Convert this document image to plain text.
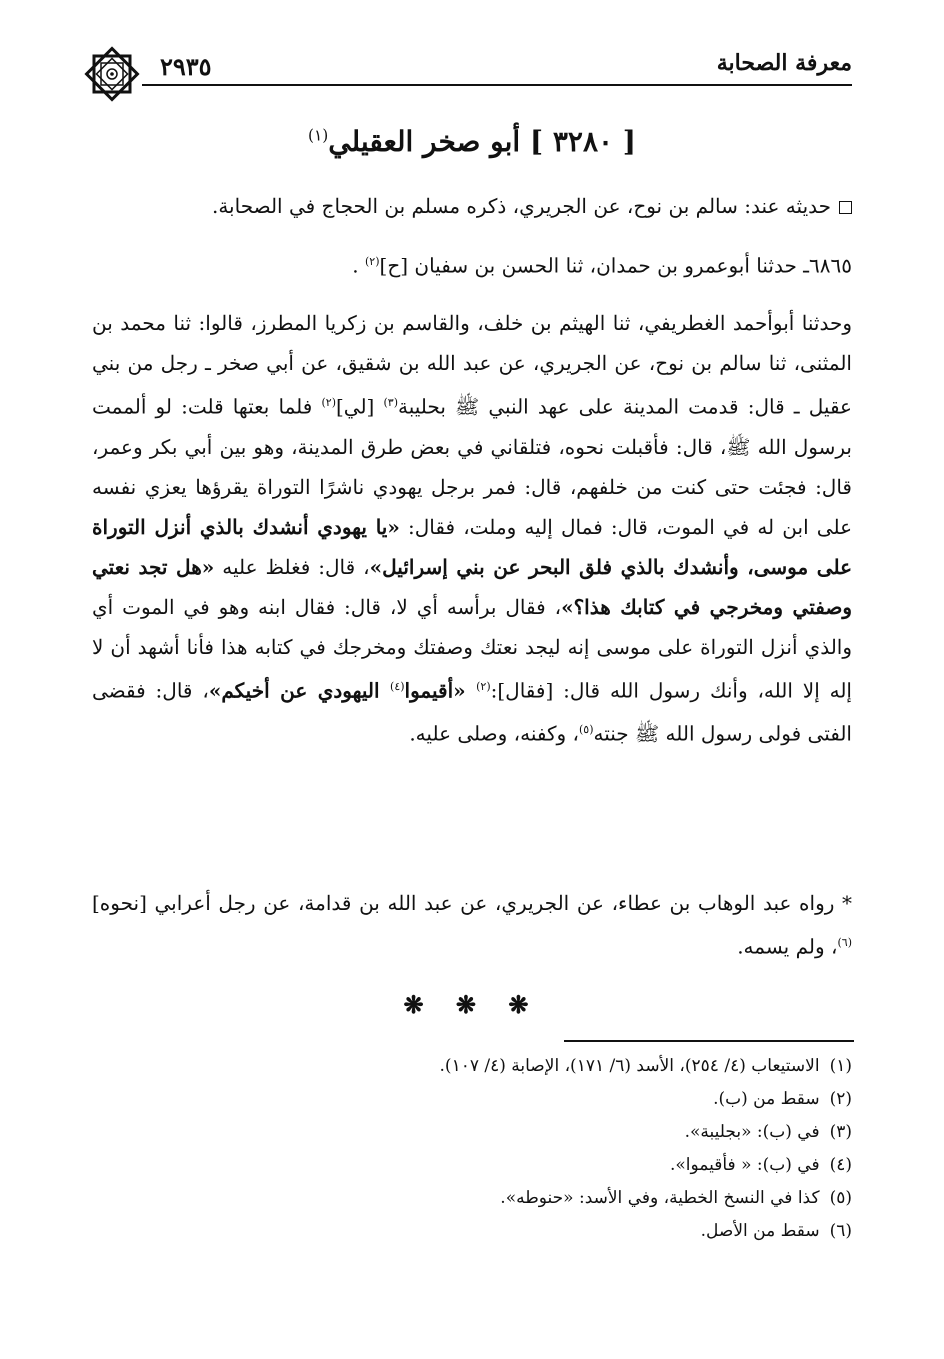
معرفة الصحابة
٢٩٣٥
[ ٣٢٨٠ ] أبو صخر العقيلي$^{(١)}$
حديثه عند: سالم بن نوح، عن الجريري، ذكره مسلم بن الحجاج في الصحابة.
٦٨٦٥ـ حدثنا أبوعمرو بن حمدان، ثنا الحسن بن سفيان [ح]$^{(٢)}$ .
وحدثنا أبوأحمد الغطريفي، ثنا الهيثم بن خلف، والقاسم بن زكريا المطرز، قالوا: ثنا محمد بن المثنى، ثنا سالم بن نوح، عن الجريري، عن عبد الله بن شقيق، عن أبي صخر ـ رجل من بني عقيل ـ قال: قدمت المدينة على عهد النبي ﷺ بحليبة$^{(٣)}$ [لي]$^{(٢)}$ فلما بعتها قلت: لو ألممت برسول الله ﷺ، قال: فأقبلت نحوه، فتلقاني في بعض طرق المدينة، وهو بين أبي بكر وعمر، قال: فجئت حتى كنت من خلفهم، قال: فمر برجل يهودي ناشرًا التوراة يقرؤها يعزي نفسه على ابن له في الموت، قال: فمال إليه وملت، فقال: «يا يهودي أنشدك بالذي أنزل التوراة على موسى، وأنشدك بالذي فلق البحر عن بني إسرائيل»، قال: فغلظ عليه «هل تجد نعتي وصفتي ومخرجي في كتابك هذا؟»، فقال برأسه أي لا، قال: فقال ابنه وهو في الموت أي والذي أنزل التوراة على موسى إنه ليجد نعتك وصفتك ومخرجك في كتابه هذا فأنا أشهد أن لا إله إلا الله، وأنك رسول الله قال: [فقال]:$^{(٢)}$ «أقيموا$^{(٤)}$ اليهودي عن أخيكم»، قال: فقضى الفتى فولى رسول الله ﷺ جنته$^{(٥)}$، وكفنه، وصلى عليه.
* رواه عبد الوهاب بن عطاء، عن الجريري، عن عبد الله بن قدامة، عن رجل أعرابي [نحوه]$^{(٦)}$، ولم يسمه.
❋ ❋ ❋
(١)الاستيعاب (٤/ ٢٥٤)، الأسد (٦/ ١٧١)، الإصابة (٤/ ١٠٧).
(٢)سقط من (ب).
(٣)في (ب): «بجليبة».
(٤)في (ب): « فأقيموا».
(٥)كذا في النسخ الخطية، وفي الأسد: «حنوطه».
(٦)سقط من الأصل.
